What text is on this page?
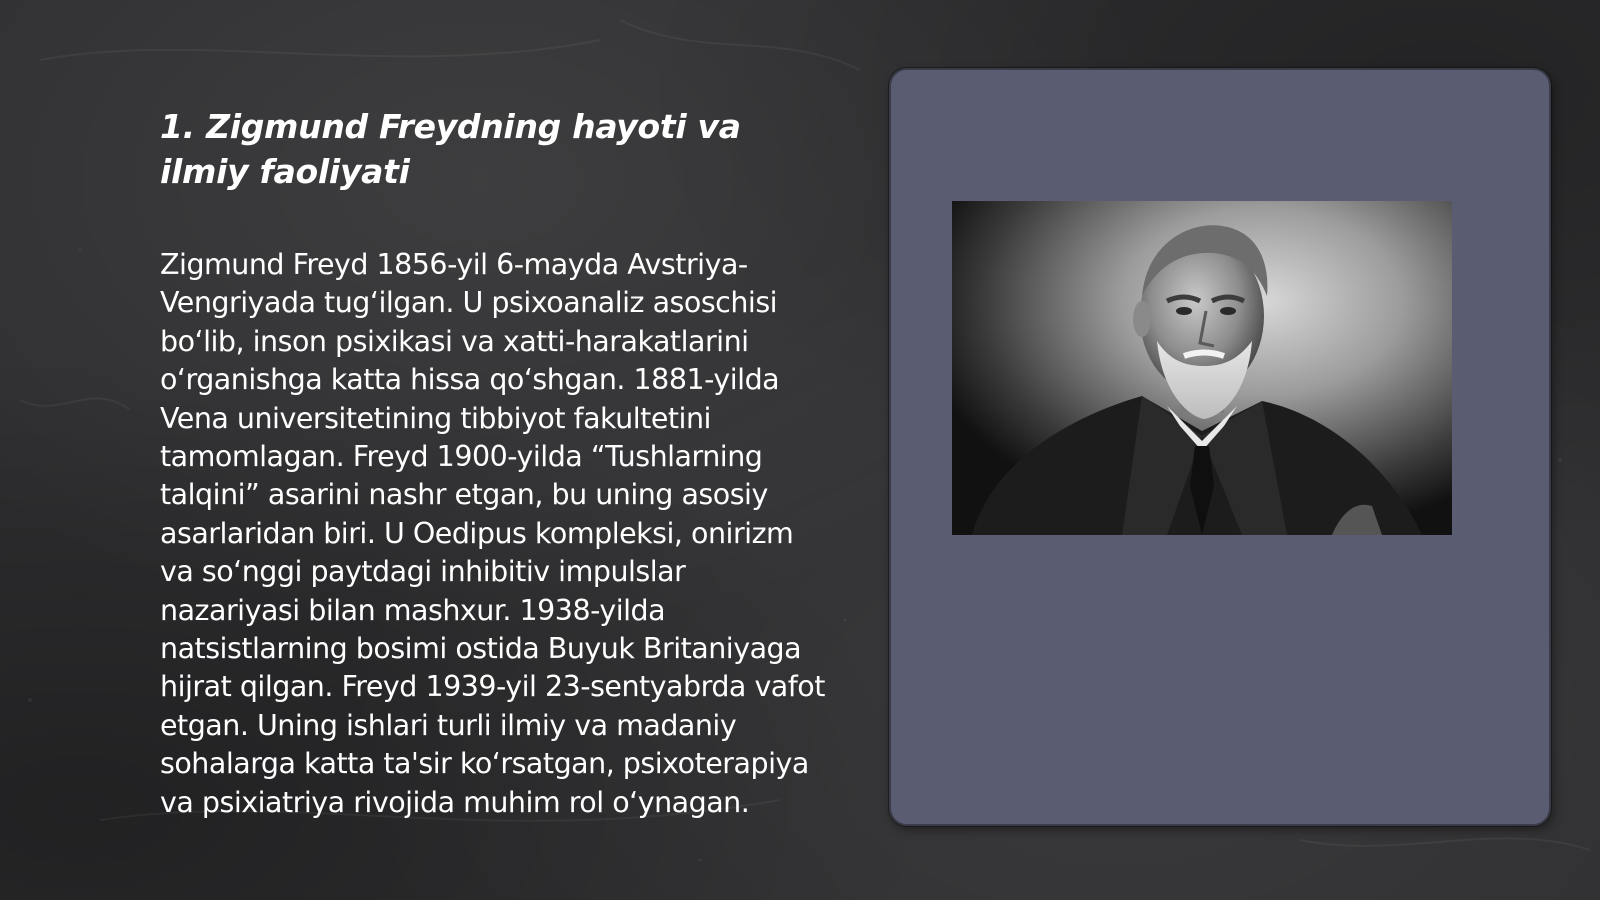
1. Zigmund Freydning hayoti va ilmiy faoliyati

Zigmund Freyd 1856-yil 6-mayda Avstriya-Vengriyada tug‘ilgan. U psixoanaliz asoschisi bo‘lib, inson psixikasi va xatti-harakatlarini o‘rganishga katta hissa qo‘shgan. 1881-yilda Vena universitetining tibbiyot fakultetini tamomlagan. Freyd 1900-yilda “Tushlarning talqini” asarini nashr etgan, bu uning asosiy asarlaridan biri. U Oedipus kompleksi, onirizm va so‘nggi paytdagi inhibitiv impulslar nazariyasi bilan mashxur. 1938-yilda natsistlarning bosimi ostida Buyuk Britaniyaga hijrat qilgan. Freyd 1939-yil 23-sentyabrda vafot etgan. Uning ishlari turli ilmiy va madaniy sohalarga katta ta'sir ko‘rsatgan, psixoterapiya va psixiatriya rivojida muhim rol o‘ynagan.
